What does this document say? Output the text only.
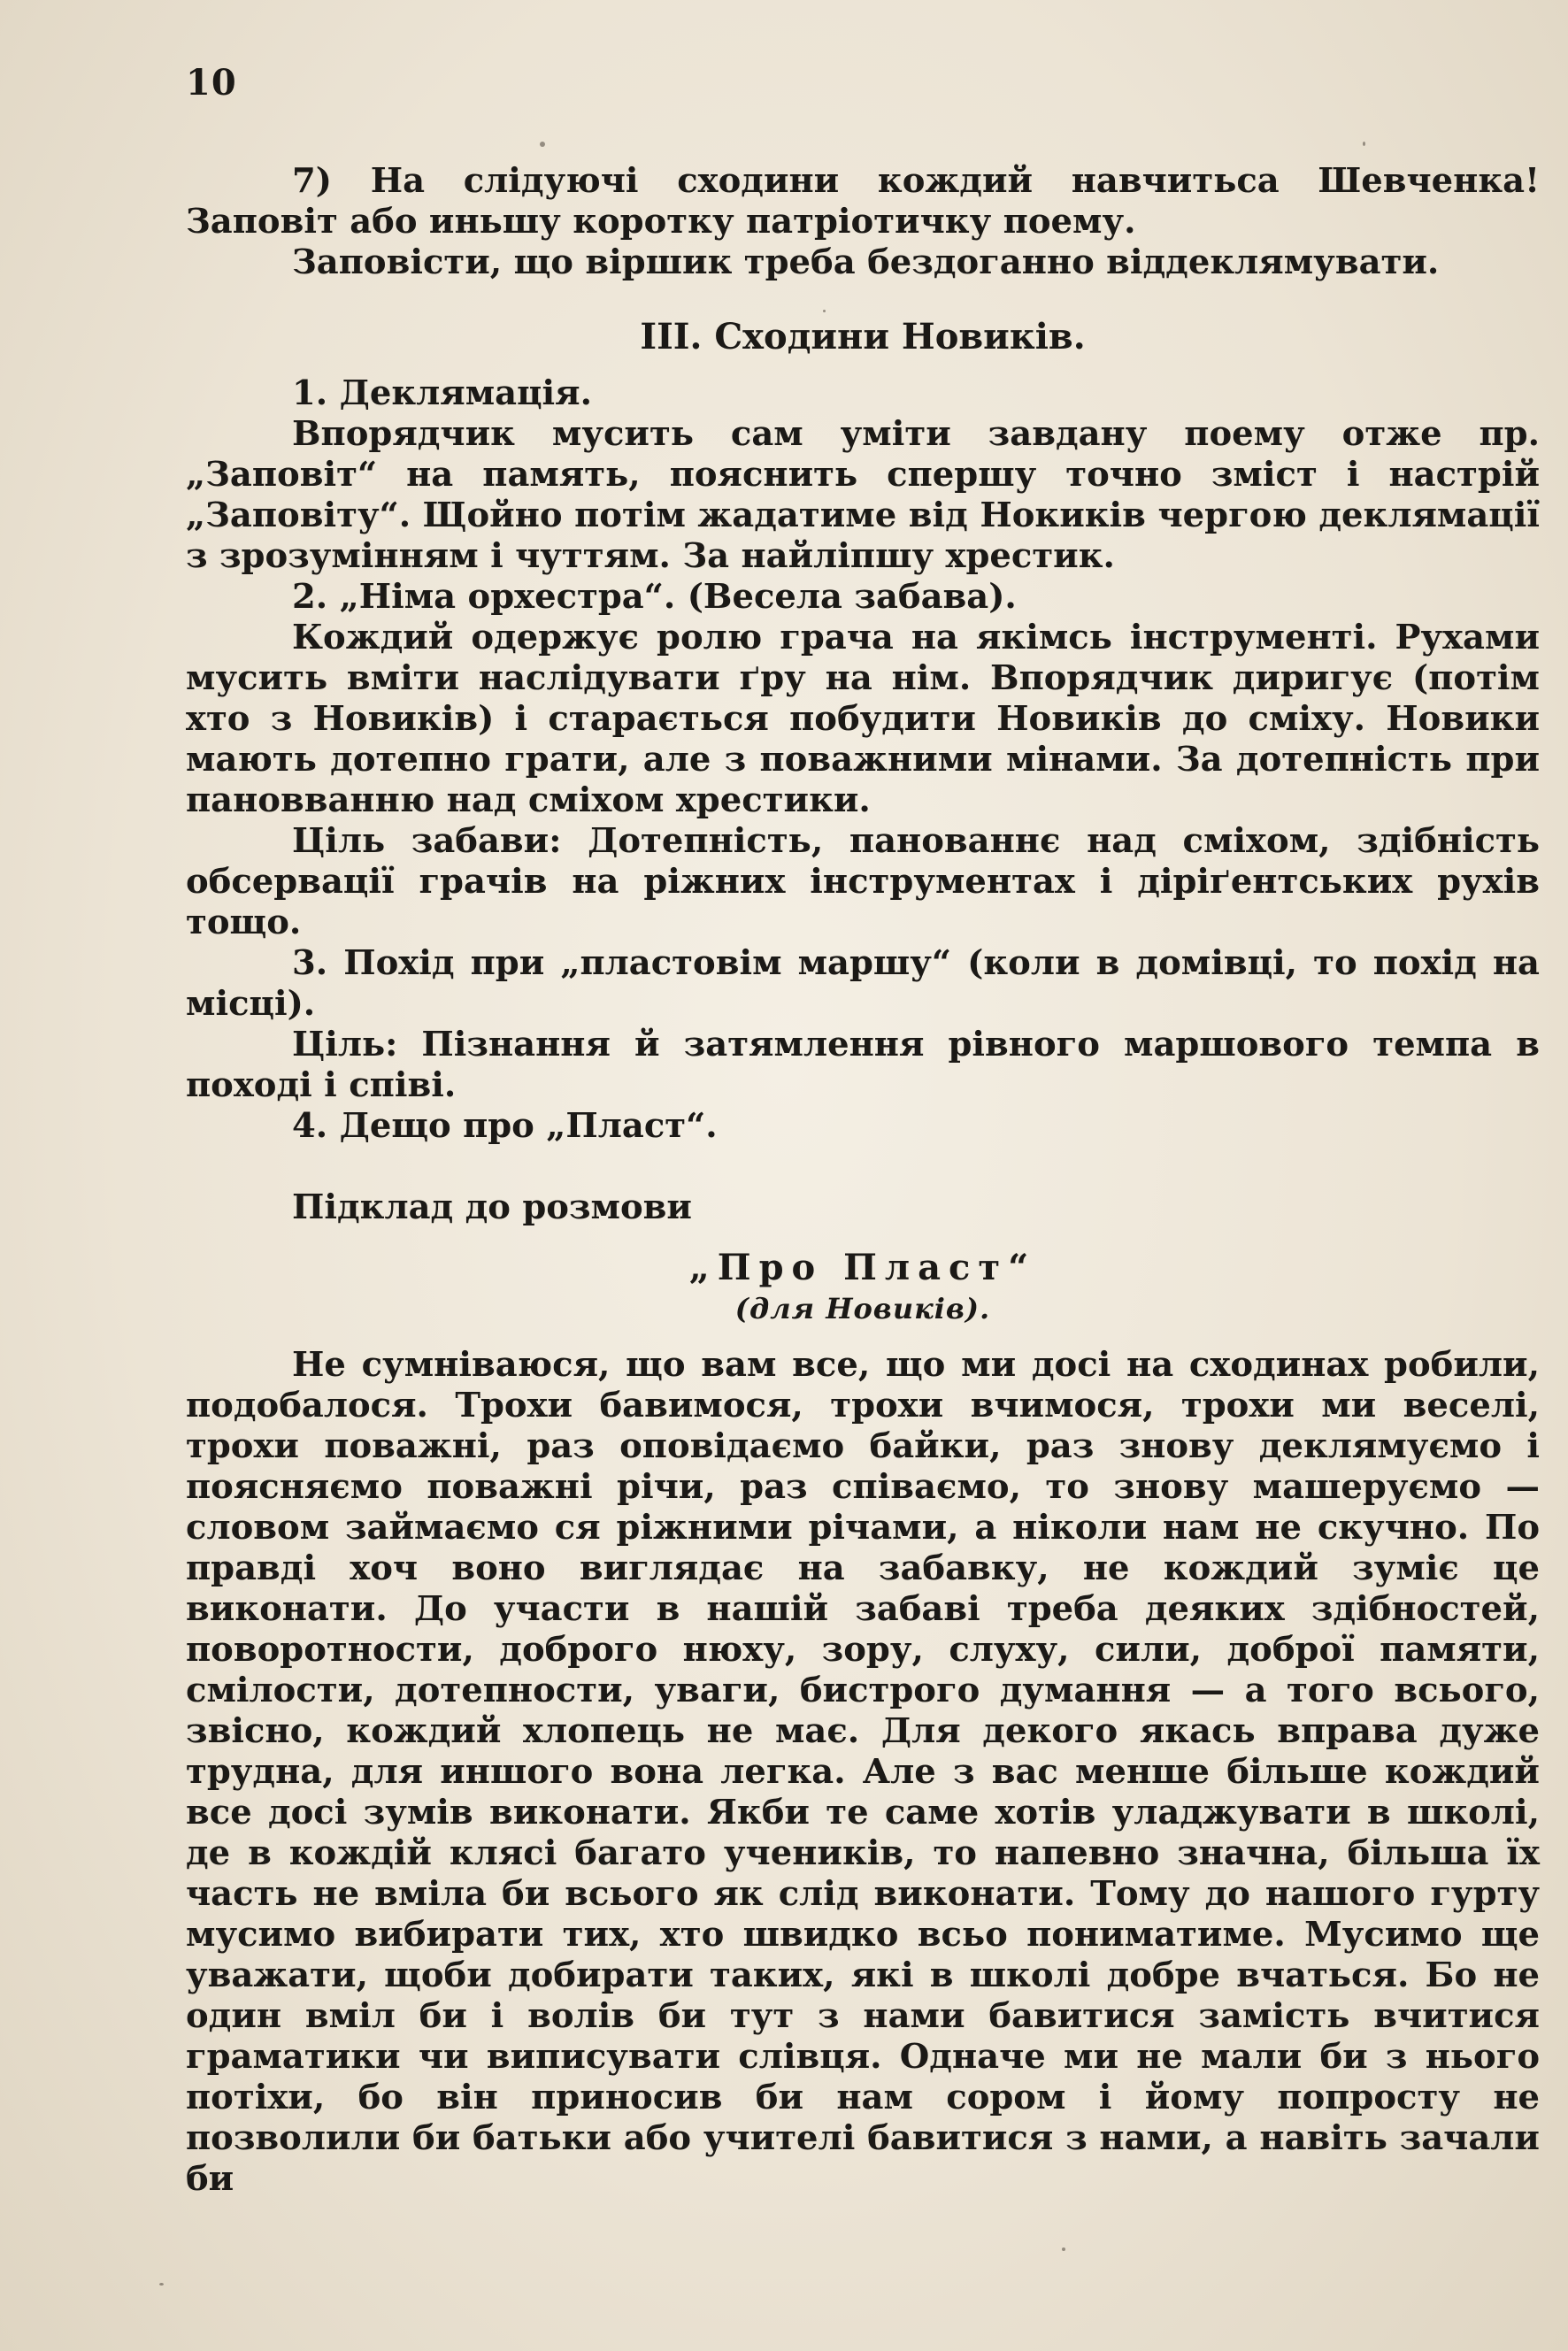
10

7) На слідуючі сходини кождий навчитьса Шевченка! Заповіт або иньшу коротку патріотичку поему.

Заповісти, що віршик треба бездоганно віддеклямувати.

III. Сходини Новиків.

1. Деклямація.

Впорядчик мусить сам уміти завдану поему отже пр. „Заповіт“ на память, пояснить спершу точно зміст і настрій „Заповіту“. Щойно потім жадатиме від Нокиків чергою деклямації з зрозумінням і чуттям. За найліпшу хрестик.

2. „Німа орхестра“. (Весела забава).

Кождий одержує ролю грача на якімсь інструменті. Рухами мусить вміти наслідувати ґру на нім. Впорядчик диригує (потім хто з Новиків) і старається побудити Новиків до сміху. Новики мають дотепно грати, але з поважними мінами. За дотепність при пановванню над сміхом хрестики.

Ціль забави: Дотепність, панованнє над сміхом, здібність обсервації грачів на ріжних інструментах і діріґентських рухів тощо.

3. Похід при „пластовім маршу“ (коли в домівці, то похід на місці).

Ціль: Пізнання й затямлення рівного маршового темпа в поході і співі.

4. Дещо про „Пласт“.

Підклад до розмови

„Про Пласт“

(для Новиків).

Не сумніваюся, що вам все, що ми досі на сходинах робили, подобалося. Трохи бавимося, трохи вчимося, трохи ми веселі, трохи поважні, раз оповідаємо байки, раз знову деклямуємо і поясняємо поважні річи, раз співаємо, то знову машеруємо — словом займаємо ся ріжними річами, а ніколи нам не скучно. По правді хоч воно виглядає на забавку, не кождий зуміє це виконати. До участи в нашій забаві треба деяких здібностей, поворотности, доброго нюху, зору, слуху, сили, доброї памяти, смілости, дотепности, уваги, бистрого думання — а того всього, звісно, кождий хлопець не має. Для декого якась вправа дуже трудна, для иншого вона легка. Але з вас менше більше кождий все досі зумів виконати. Якби те саме хотів уладжувати в школі, де в кождій клясі багато учеників, то напевно значна, більша їх часть не вміла би всього як слід виконати. Тому до нашого гурту мусимо вибирати тих, хто швидко всьо пониматиме. Мусимо ще уважати, щоби добирати таких, які в школі добре вчаться. Бо не один вміл би і волів би тут з нами бавитися замість вчитися граматики чи виписувати слівця. Одначе ми не мали би з нього потіхи, бо він приносив би нам сором і йому попросту не позволили би батьки або учителі бавитися з нами, а навіть зачали би
